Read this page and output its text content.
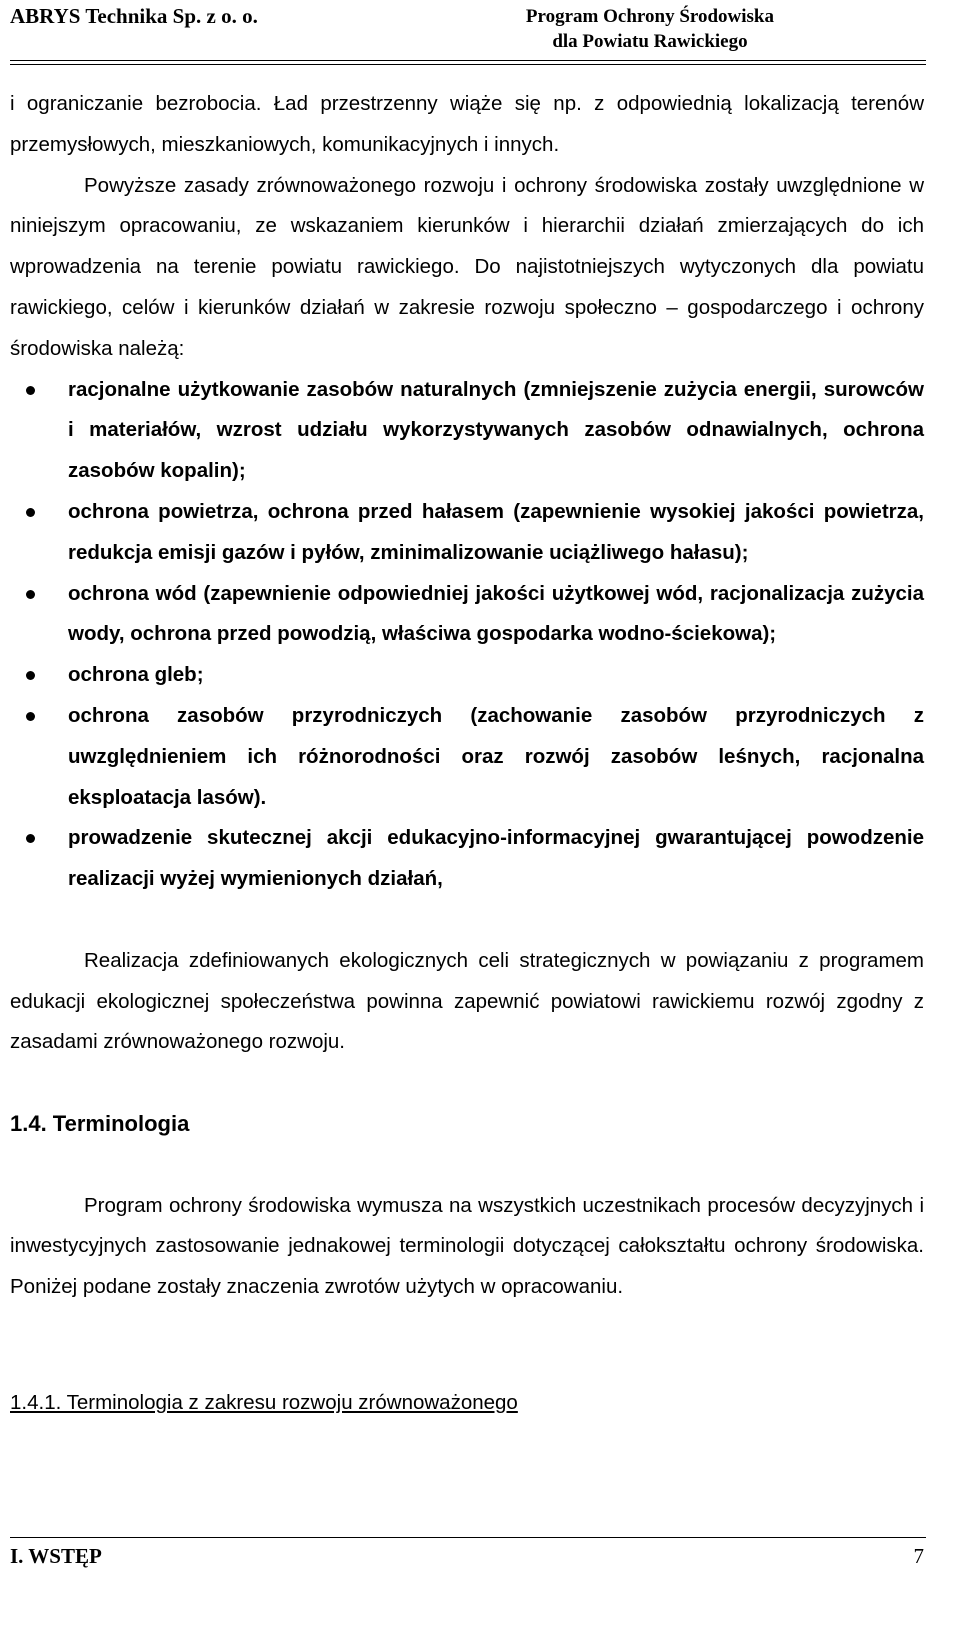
ABRYS Technika Sp. z o. o.	Program Ochrony Środowiska
dla Powiatu Rawickiego

i ograniczanie bezrobocia. Ład przestrzenny wiąże się np. z odpowiednią lokalizacją terenów przemysłowych, mieszkaniowych, komunikacyjnych i innych.

Powyższe zasady zrównoważonego rozwoju i ochrony środowiska zostały uwzględnione w niniejszym opracowaniu, ze wskazaniem kierunków i hierarchii działań zmierzających do ich wprowadzenia na terenie powiatu rawickiego. Do najistotniejszych wytyczonych dla powiatu rawickiego, celów i kierunków działań w zakresie rozwoju społeczno – gospodarczego i ochrony środowiska należą:

racjonalne użytkowanie zasobów naturalnych (zmniejszenie zużycia energii, surowców i materiałów, wzrost udziału wykorzystywanych zasobów odnawialnych, ochrona zasobów kopalin);
ochrona powietrza, ochrona przed hałasem (zapewnienie wysokiej jakości powietrza, redukcja emisji gazów i pyłów, zminimalizowanie uciążliwego hałasu);
ochrona wód (zapewnienie odpowiedniej jakości użytkowej wód, racjonalizacja zużycia wody, ochrona przed powodzią, właściwa gospodarka wodno-ściekowa);
ochrona gleb;
ochrona zasobów przyrodniczych (zachowanie zasobów przyrodniczych z uwzględnieniem ich różnorodności oraz rozwój zasobów leśnych, racjonalna eksploatacja lasów).
prowadzenie skutecznej akcji edukacyjno-informacyjnej gwarantującej powodzenie realizacji wyżej wymienionych działań,

Realizacja zdefiniowanych ekologicznych celi strategicznych w powiązaniu z programem edukacji ekologicznej społeczeństwa powinna zapewnić powiatowi rawickiemu rozwój zgodny z zasadami zrównoważonego rozwoju.

1.4. Terminologia

Program ochrony środowiska wymusza na wszystkich uczestnikach procesów decyzyjnych i inwestycyjnych zastosowanie jednakowej terminologii dotyczącej całokształtu ochrony środowiska. Poniżej podane zostały znaczenia zwrotów użytych w opracowaniu.

1.4.1. Terminologia z zakresu rozwoju zrównoważonego

I. WSTĘP	7
